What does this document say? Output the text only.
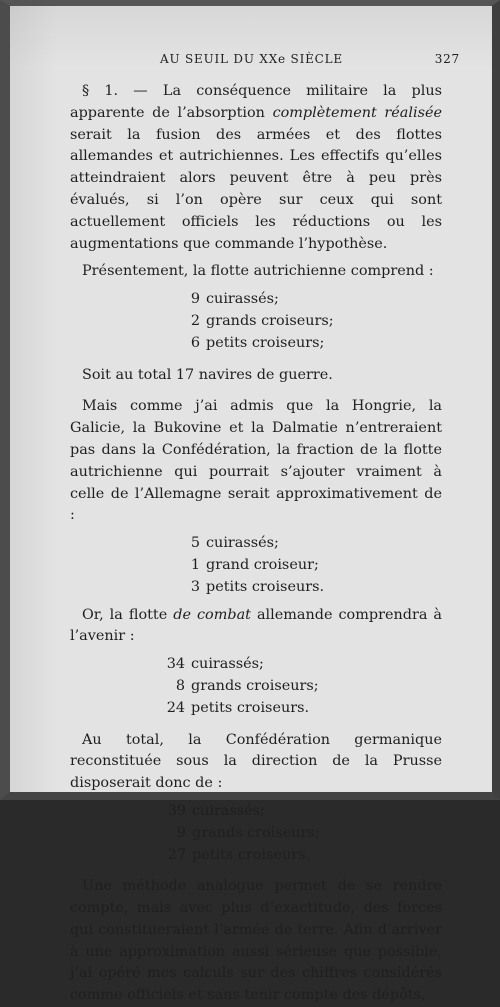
AU SEUIL DU XXe SIÈCLE	327

§ 1. — La conséquence militaire la plus apparente de l’absorption complètement réalisée serait la fusion des armées et des flottes allemandes et autrichiennes. Les effectifs qu’elles atteindraient alors peuvent être à peu près évalués, si l’on opère sur ceux qui sont actuellement officiels les réductions ou les augmentations que commande l’hypothèse.

Présentement, la flotte autrichienne comprend :

9 cuirassés;
2 grands croiseurs;
6 petits croiseurs;

Soit au total 17 navires de guerre.

Mais comme j’ai admis que la Hongrie, la Galicie, la Bukovine et la Dalmatie n’entreraient pas dans la Confédération, la fraction de la flotte autrichienne qui pourrait s’ajouter vraiment à celle de l’Allemagne serait approximativement de :

5 cuirassés;
1 grand croiseur;
3 petits croiseurs.

Or, la flotte de combat allemande comprendra à l’avenir :

34 cuirassés;
8 grands croiseurs;
24 petits croiseurs.

Au total, la Confédération germanique reconstituée sous la direction de la Prusse disposerait donc de :

39 cuirassés;
9 grands croiseurs;
27 petits croiseurs.

Une méthode analogue permet de se rendre compte, mais avec plus d’exactitude, des forces qui constitueraient l’armée de terre. Afin d’arriver à une approximation aussi sérieuse que possible, j’ai opéré mes calculs sur des chiffres considérés comme officiels et sans tenir compte des dépôts,
